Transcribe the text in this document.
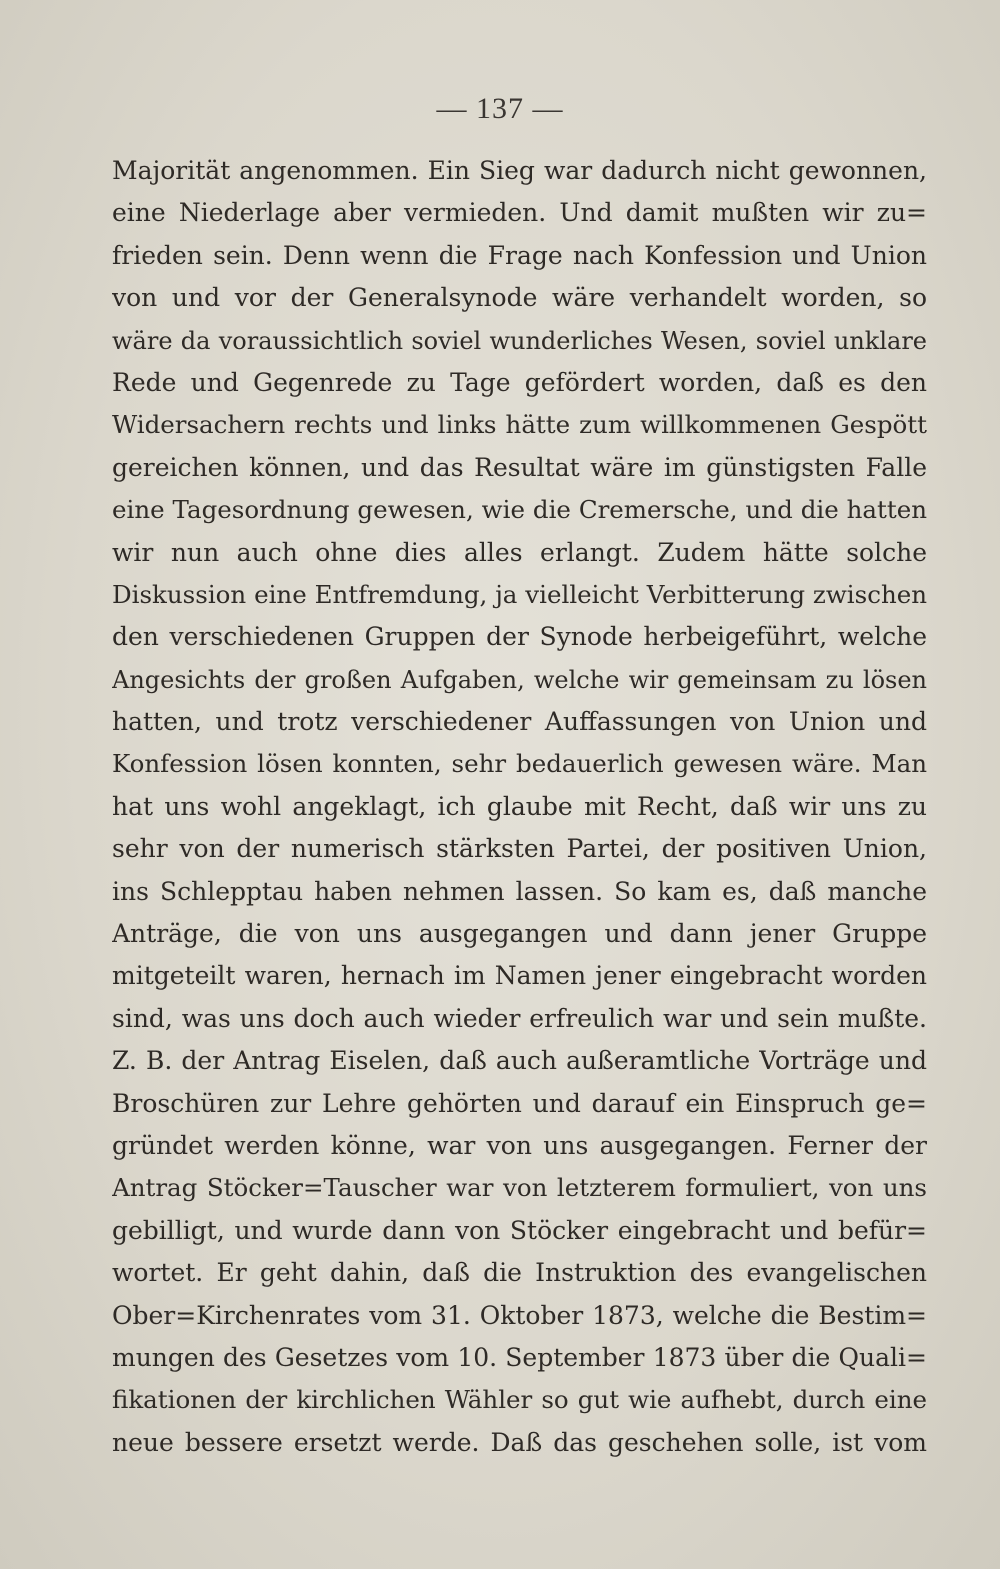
— 137 —
Majorität angenommen. Ein Sieg war dadurch nicht gewonnen,
eine Niederlage aber vermieden. Und damit mußten wir zu=
frieden sein. Denn wenn die Frage nach Konfession und Union
von und vor der Generalsynode wäre verhandelt worden, so
wäre da voraussichtlich soviel wunderliches Wesen, soviel unklare
Rede und Gegenrede zu Tage gefördert worden, daß es den
Widersachern rechts und links hätte zum willkommenen Gespött
gereichen können, und das Resultat wäre im günstigsten Falle
eine Tagesordnung gewesen, wie die Cremersche, und die hatten
wir nun auch ohne dies alles erlangt. Zudem hätte solche
Diskussion eine Entfremdung, ja vielleicht Verbitterung zwischen
den verschiedenen Gruppen der Synode herbeigeführt, welche
Angesichts der großen Aufgaben, welche wir gemeinsam zu lösen
hatten, und trotz verschiedener Auffassungen von Union und
Konfession lösen konnten, sehr bedauerlich gewesen wäre. Man
hat uns wohl angeklagt, ich glaube mit Recht, daß wir uns zu
sehr von der numerisch stärksten Partei, der positiven Union,
ins Schlepptau haben nehmen lassen. So kam es, daß manche
Anträge, die von uns ausgegangen und dann jener Gruppe
mitgeteilt waren, hernach im Namen jener eingebracht worden
sind, was uns doch auch wieder erfreulich war und sein mußte.
Z. B. der Antrag Eiselen, daß auch außeramtliche Vorträge und
Broschüren zur Lehre gehörten und darauf ein Einspruch ge=
gründet werden könne, war von uns ausgegangen. Ferner der
Antrag Stöcker=Tauscher war von letzterem formuliert, von uns
gebilligt, und wurde dann von Stöcker eingebracht und befür=
wortet. Er geht dahin, daß die Instruktion des evangelischen
Ober=Kirchenrates vom 31. Oktober 1873, welche die Bestim=
mungen des Gesetzes vom 10. September 1873 über die Quali=
fikationen der kirchlichen Wähler so gut wie aufhebt, durch eine
neue bessere ersetzt werde. Daß das geschehen solle, ist vom
